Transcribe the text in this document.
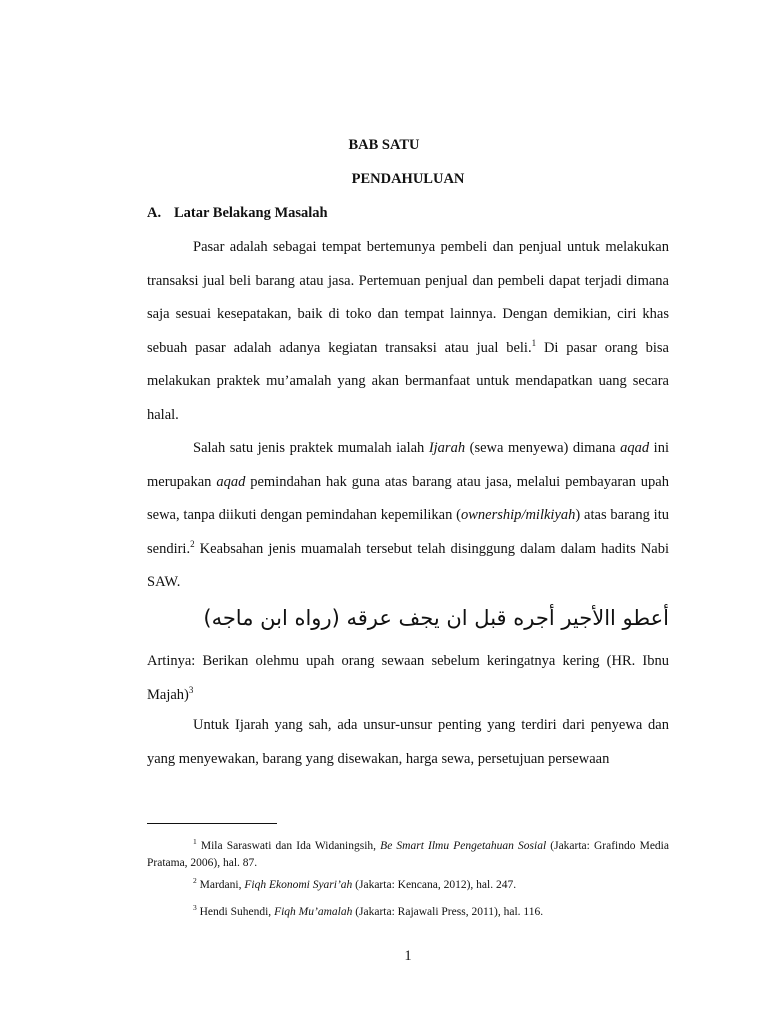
BAB SATU
PENDAHULUAN
A. Latar Belakang Masalah
Pasar adalah sebagai tempat bertemunya pembeli dan penjual untuk melakukan transaksi jual beli barang atau jasa. Pertemuan penjual dan pembeli dapat terjadi dimana saja sesuai kesepatakan, baik di toko dan tempat lainnya. Dengan demikian, ciri khas sebuah pasar adalah adanya kegiatan transaksi atau jual beli.$^1$ Di pasar orang bisa melakukan praktek mu’amalah yang akan bermanfaat untuk mendapatkan uang secara halal.
Salah satu jenis praktek mumalah ialah Ijarah (sewa menyewa) dimana aqad ini merupakan aqad pemindahan hak guna atas barang atau jasa, melalui pembayaran upah sewa, tanpa diikuti dengan pemindahan kepemilikan (ownership/milkiyah) atas barang itu sendiri.$^2$ Keabsahan jenis muamalah tersebut telah disinggung dalam dalam hadits Nabi SAW.
أعطو االأجير أجره قبل ان يجف عرقه (رواه ابن ماجه)
Artinya: Berikan olehmu upah orang sewaan sebelum keringatnya kering (HR. Ibnu Majah)$^3$
Untuk Ijarah yang sah, ada unsur-unsur penting yang terdiri dari penyewa dan yang menyewakan, barang yang disewakan, harga sewa, persetujuan persewaan
$^1$ Mila Saraswati dan Ida Widaningsih, Be Smart Ilmu Pengetahuan Sosial (Jakarta: Grafindo Media Pratama, 2006), hal. 87.
$^2$ Mardani, Fiqh Ekonomi Syari’ah (Jakarta: Kencana, 2012), hal. 247.
$^3$ Hendi Suhendi, Fiqh Mu’amalah (Jakarta: Rajawali Press, 2011), hal. 116.
1
